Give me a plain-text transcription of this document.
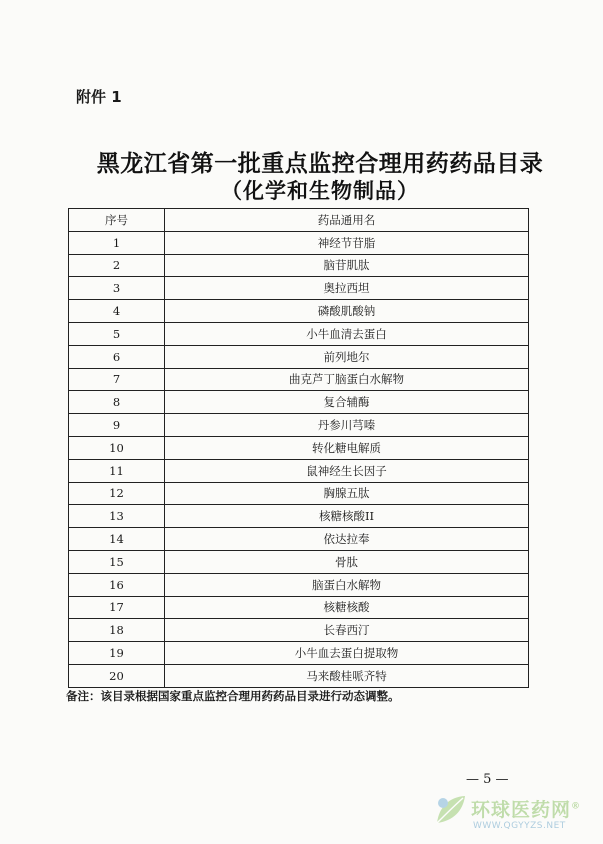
附件 1
黑龙江省第一批重点监控合理用药药品目录
（化学和生物制品）
序号	药品通用名
1	神经节苷脂
2	脑苷肌肽
3	奥拉西坦
4	磷酸肌酸钠
5	小牛血清去蛋白
6	前列地尔
7	曲克芦丁脑蛋白水解物
8	复合辅酶
9	丹参川芎嗪
10	转化糖电解质
11	鼠神经生长因子
12	胸腺五肽
13	核糖核酸II
14	依达拉奉
15	骨肽
16	脑蛋白水解物
17	核糖核酸
18	长春西汀
19	小牛血去蛋白提取物
20	马来酸桂哌齐特
备注：该目录根据国家重点监控合理用药药品目录进行动态调整。
— 5 —
环球医药网®
WWW.QGYYZS.NET
